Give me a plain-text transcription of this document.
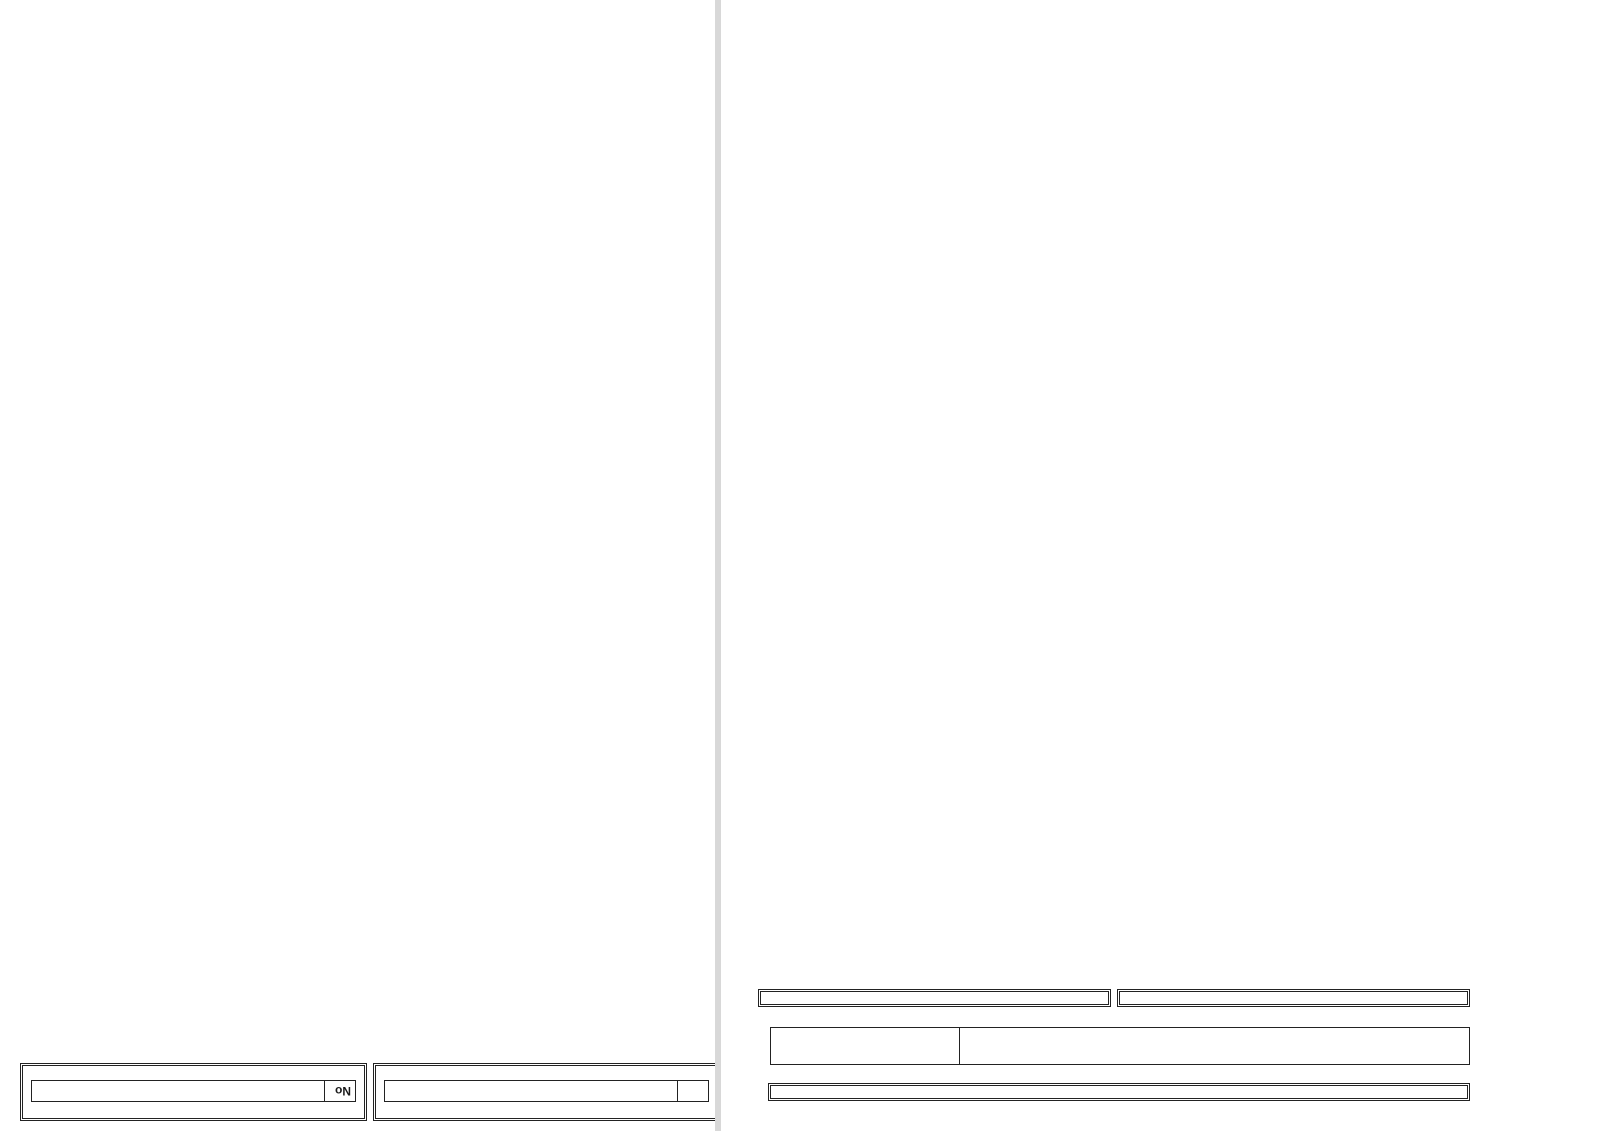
No	
